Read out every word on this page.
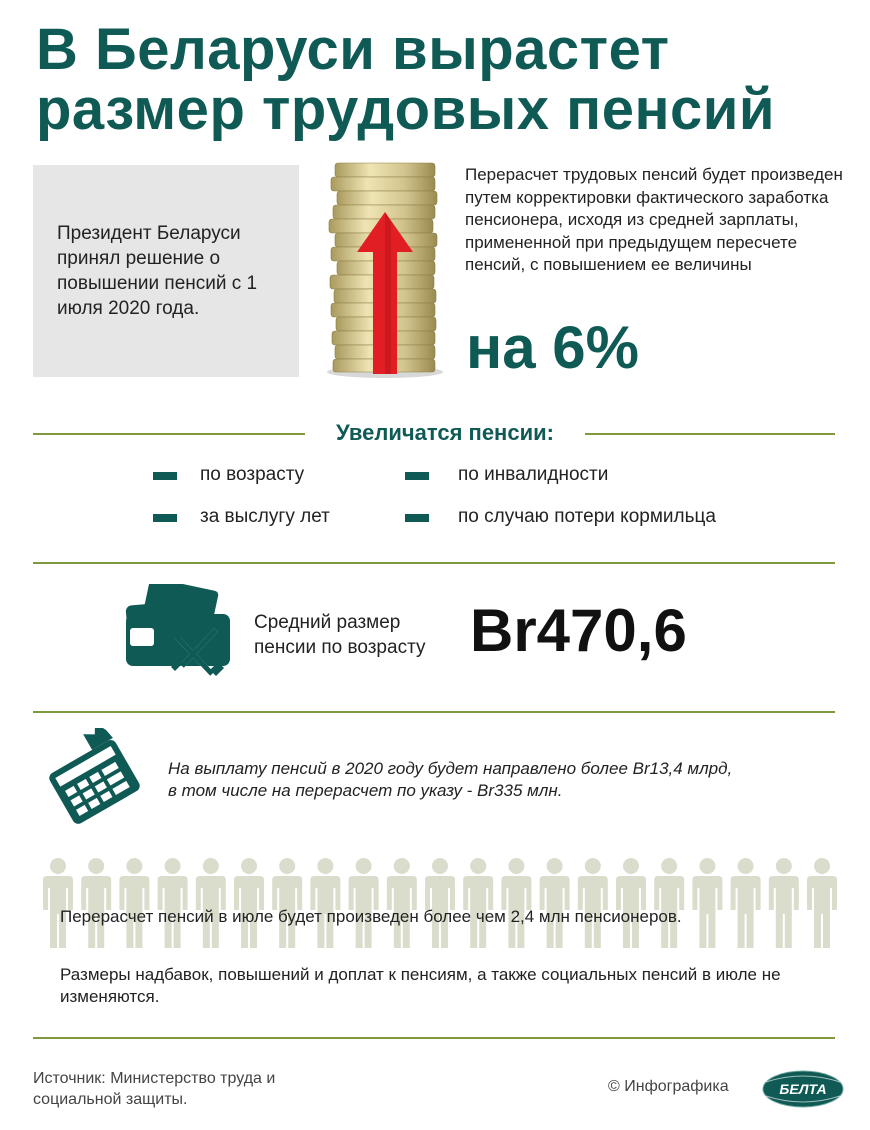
В Беларуси вырастет
размер трудовых пенсий
Президент Беларуси принял решение о повышении пенсий с 1 июля 2020 года.
Перерасчет трудовых пенсий будет произведен путем корректировки фактического заработка пенсионера, исходя из средней зарплаты, примененной при предыдущем пересчете пенсий, с повышением ее величины
на 6%
Увеличатся пенсии:
по возрасту	по инвалидности
за выслугу лет	по случаю потери кормильца
Средний размер
пенсии по возрасту Br470,6
На выплату пенсий в 2020 году будет направлено более Br13,4 млрд,
в том числе на перерасчет по указу - Br335 млн.
Перерасчет пенсий в июле будет произведен более чем 2,4 млн пенсионеров.
Размеры надбавок, повышений и доплат к пенсиям, а также социальных пенсий в июле не изменяются.
Источник: Министерство труда и
социальной защиты.
© Инфографика	БЕЛТА
